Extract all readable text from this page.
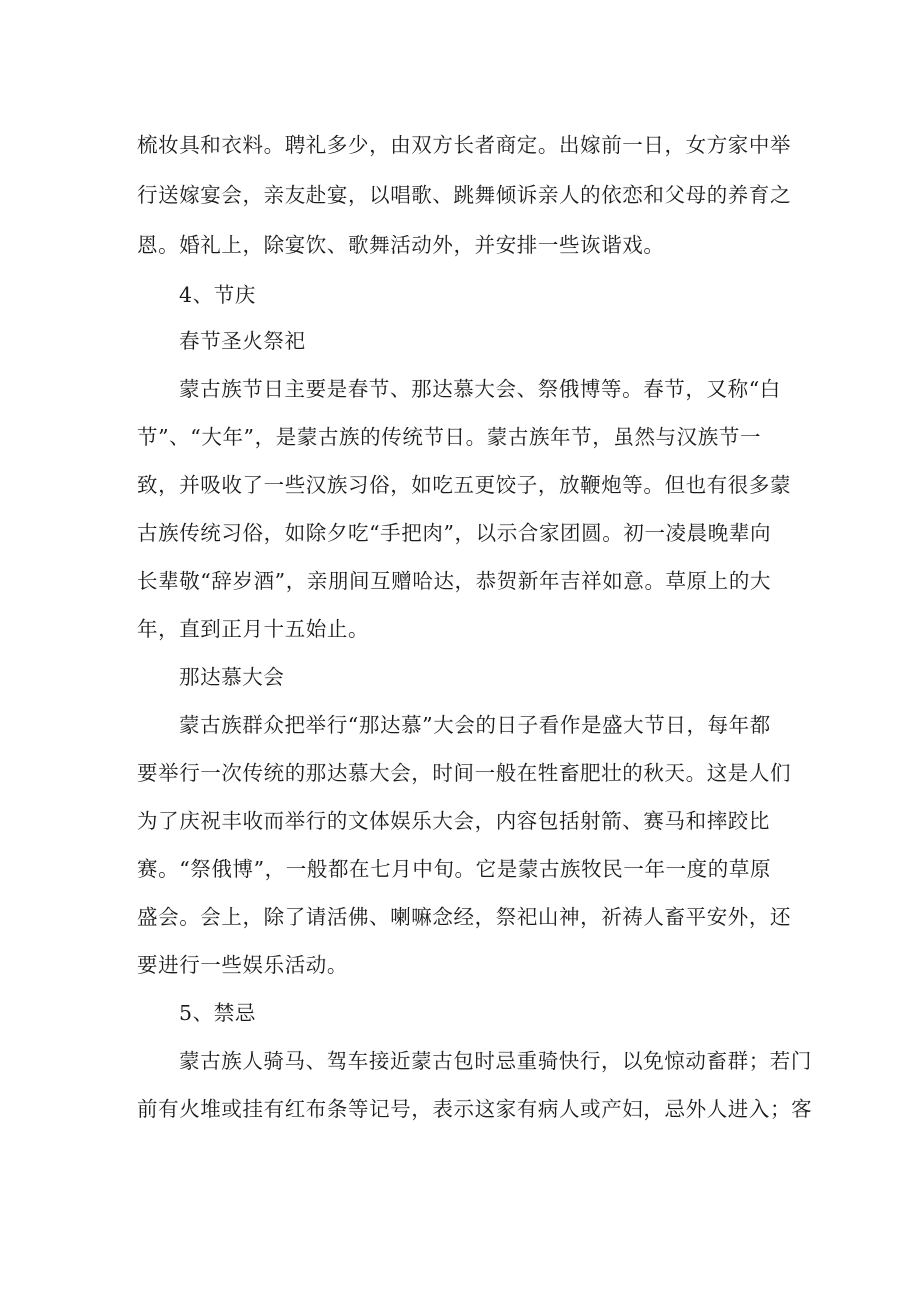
梳妆具和衣料。聘礼多少，由双方长者商定。出嫁前一日，女方家中举
行送嫁宴会，亲友赴宴，以唱歌、跳舞倾诉亲人的依恋和父母的养育之
恩。婚礼上，除宴饮、歌舞活动外，并安排一些诙谐戏。
4、节庆
春节圣火祭祀
蒙古族节日主要是春节、那达慕大会、祭俄博等。春节，又称“白
节”、“大年”，是蒙古族的传统节日。蒙古族年节，虽然与汉族节一
致，并吸收了一些汉族习俗，如吃五更饺子，放鞭炮等。但也有很多蒙
古族传统习俗，如除夕吃“手把肉”，以示合家团圆。初一凌晨晚辈向
长辈敬“辞岁酒”，亲朋间互赠哈达，恭贺新年吉祥如意。草原上的大
年，直到正月十五始止。
那达慕大会
蒙古族群众把举行“那达慕”大会的日子看作是盛大节日，每年都
要举行一次传统的那达慕大会，时间一般在牲畜肥壮的秋天。这是人们
为了庆祝丰收而举行的文体娱乐大会，内容包括射箭、赛马和摔跤比
赛。“祭俄博”，一般都在七月中旬。它是蒙古族牧民一年一度的草原
盛会。会上，除了请活佛、喇嘛念经，祭祀山神，祈祷人畜平安外，还
要进行一些娱乐活动。
5、禁忌
蒙古族人骑马、驾车接近蒙古包时忌重骑快行，以免惊动畜群；若门
前有火堆或挂有红布条等记号，表示这家有病人或产妇，忌外人进入；客
